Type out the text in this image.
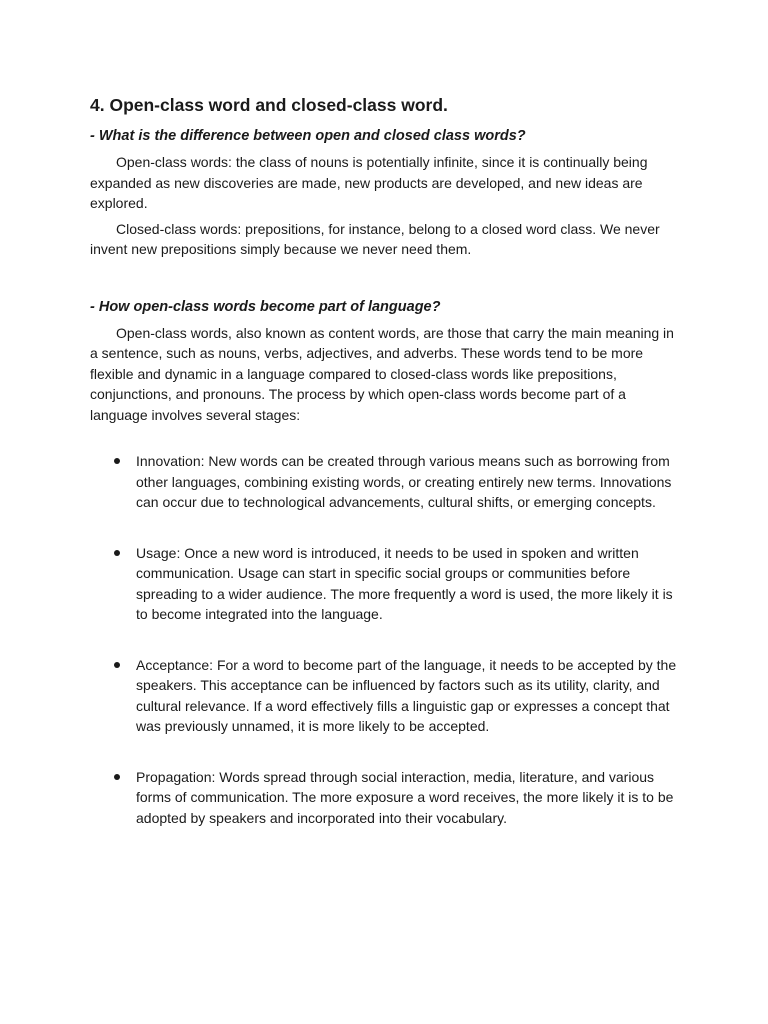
4. Open-class word and closed-class word.
- What is the difference between open and closed class words?

Open-class words: the class of nouns is potentially infinite, since it is continually being expanded as new discoveries are made, new products are developed, and new ideas are explored.

Closed-class words: prepositions, for instance, belong to a closed word class. We never invent new prepositions simply because we never need them.

- How open-class words become part of language?

Open-class words, also known as content words, are those that carry the main meaning in a sentence, such as nouns, verbs, adjectives, and adverbs. These words tend to be more flexible and dynamic in a language compared to closed-class words like prepositions, conjunctions, and pronouns. The process by which open-class words become part of a language involves several stages:

Innovation: New words can be created through various means such as borrowing from other languages, combining existing words, or creating entirely new terms. Innovations can occur due to technological advancements, cultural shifts, or emerging concepts.
Usage: Once a new word is introduced, it needs to be used in spoken and written communication. Usage can start in specific social groups or communities before spreading to a wider audience. The more frequently a word is used, the more likely it is to become integrated into the language.
Acceptance: For a word to become part of the language, it needs to be accepted by the speakers. This acceptance can be influenced by factors such as its utility, clarity, and cultural relevance. If a word effectively fills a linguistic gap or expresses a concept that was previously unnamed, it is more likely to be accepted.
Propagation: Words spread through social interaction, media, literature, and various forms of communication. The more exposure a word receives, the more likely it is to be adopted by speakers and incorporated into their vocabulary.
